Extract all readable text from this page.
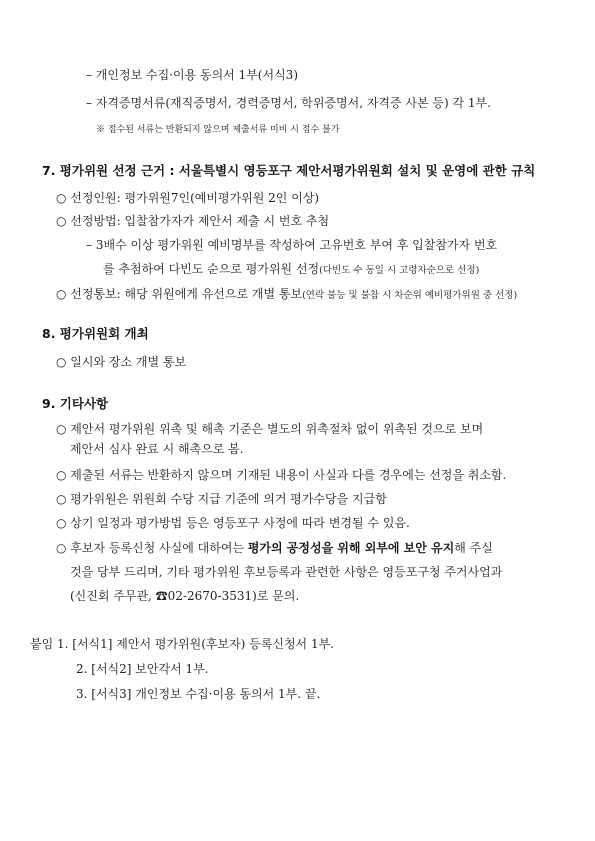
– 개인정보 수집·이용 동의서 1부(서식3)
– 자격증명서류(재직증명서, 경력증명서, 학위증명서, 자격증 사본 등) 각 1부.
※ 접수된 서류는 반환되지 않으며 제출서류 미비 시 접수 불가
7. 평가위원 선정 근거 : 서울특별시 영등포구 제안서평가위원회 설치 및 운영에 관한 규칙
○ 선정인원: 평가위원7인(예비평가위원 2인 이상)
○ 선정방법: 입찰참가자가 제안서 제출 시 번호 추첨
– 3배수 이상 평가위원 예비명부를 작성하여 고유번호 부여 후 입찰참가자 번호
를 추첨하여 다빈도 순으로 평가위원 선정(다빈도 수 동일 시 고령자순으로 선정)
○ 선정통보: 해당 위원에게 유선으로 개별 통보(연락 불능 및 불참 시 차순위 예비평가위원 중 선정)
8. 평가위원회 개최
○ 일시와 장소 개별 통보
9. 기타사항
○ 제안서 평가위원 위촉 및 해촉 기준은 별도의 위촉절차 없이 위촉된 것으로 보며
제안서 심사 완료 시 해촉으로 봄.
○ 제출된 서류는 반환하지 않으며 기재된 내용이 사실과 다를 경우에는 선정을 취소함.
○ 평가위원은 위원회 수당 지급 기준에 의거 평가수당을 지급함
○ 상기 일정과 평가방법 등은 영등포구 사정에 따라 변경될 수 있음.
○ 후보자 등록신청 사실에 대하여는 평가의 공정성을 위해 외부에 보안 유지해 주실
것을 당부 드리며, 기타 평가위원 후보등록과 관련한 사항은 영등포구청 주거사업과
(신진회 주무관, ☎02-2670-3531)로 문의.
붙임 1. [서식1] 제안서 평가위원(후보자) 등록신청서 1부.
2. [서식2] 보안각서 1부.
3. [서식3] 개인정보 수집·이용 동의서 1부. 끝.
